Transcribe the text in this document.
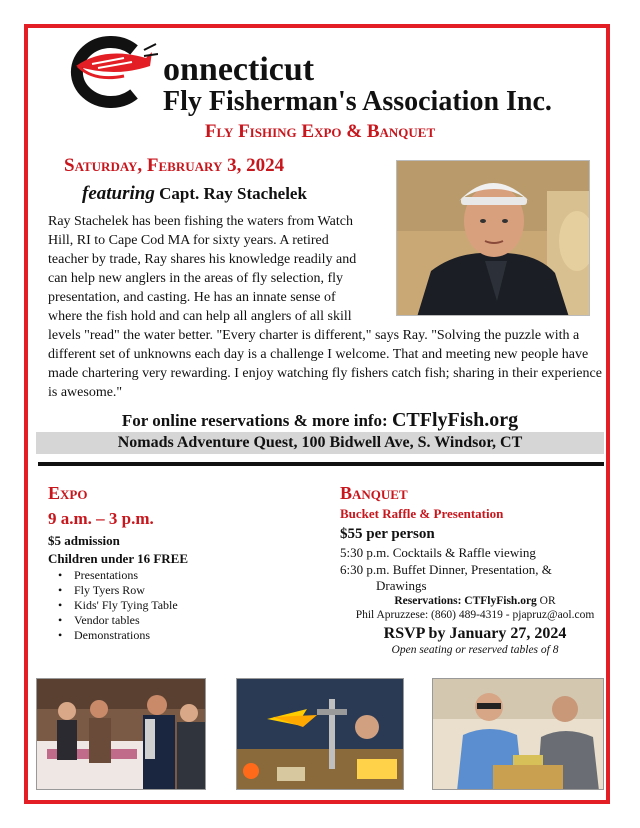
onnecticut
Fly Fisherman's Association Inc.
Fly Fishing Expo & Banquet
Saturday, February 3, 2024
featuring Capt. Ray Stachelek
Ray Stachelek has been fishing the waters from Watch Hill, RI to Cape Cod MA for sixty years. A retired teacher by trade, Ray shares his knowledge readily and can help new anglers in the areas of fly selection, fly presentation, and casting. He has an innate sense of where the fish hold and can help all anglers of all skill
levels "read" the water better. "Every charter is different," says Ray. "Solving the puzzle with a different set of unknowns each day is a challenge I welcome. That and meeting new people have made chartering very rewarding. I enjoy watching fly fishers catch fish; sharing in their experience is awesome."
For online reservations & more info: CTFlyFish.org
Nomads Adventure Quest, 100 Bidwell Ave, S. Windsor, CT
Expo
9 a.m. – 3 p.m.
$5 admission
Children under 16 FREE
• Presentations
• Fly Tyers Row
• Kids' Fly Tying Table
• Vendor tables
• Demonstrations
Banquet
Bucket Raffle & Presentation
$55 per person
5:30 p.m. Cocktails & Raffle viewing
6:30 p.m. Buffet Dinner, Presentation, &
Drawings
Reservations: CTFlyFish.org OR
Phil Apruzzese: (860) 489-4319 - pjapruz@aol.com
RSVP by January 27, 2024
Open seating or reserved tables of 8
